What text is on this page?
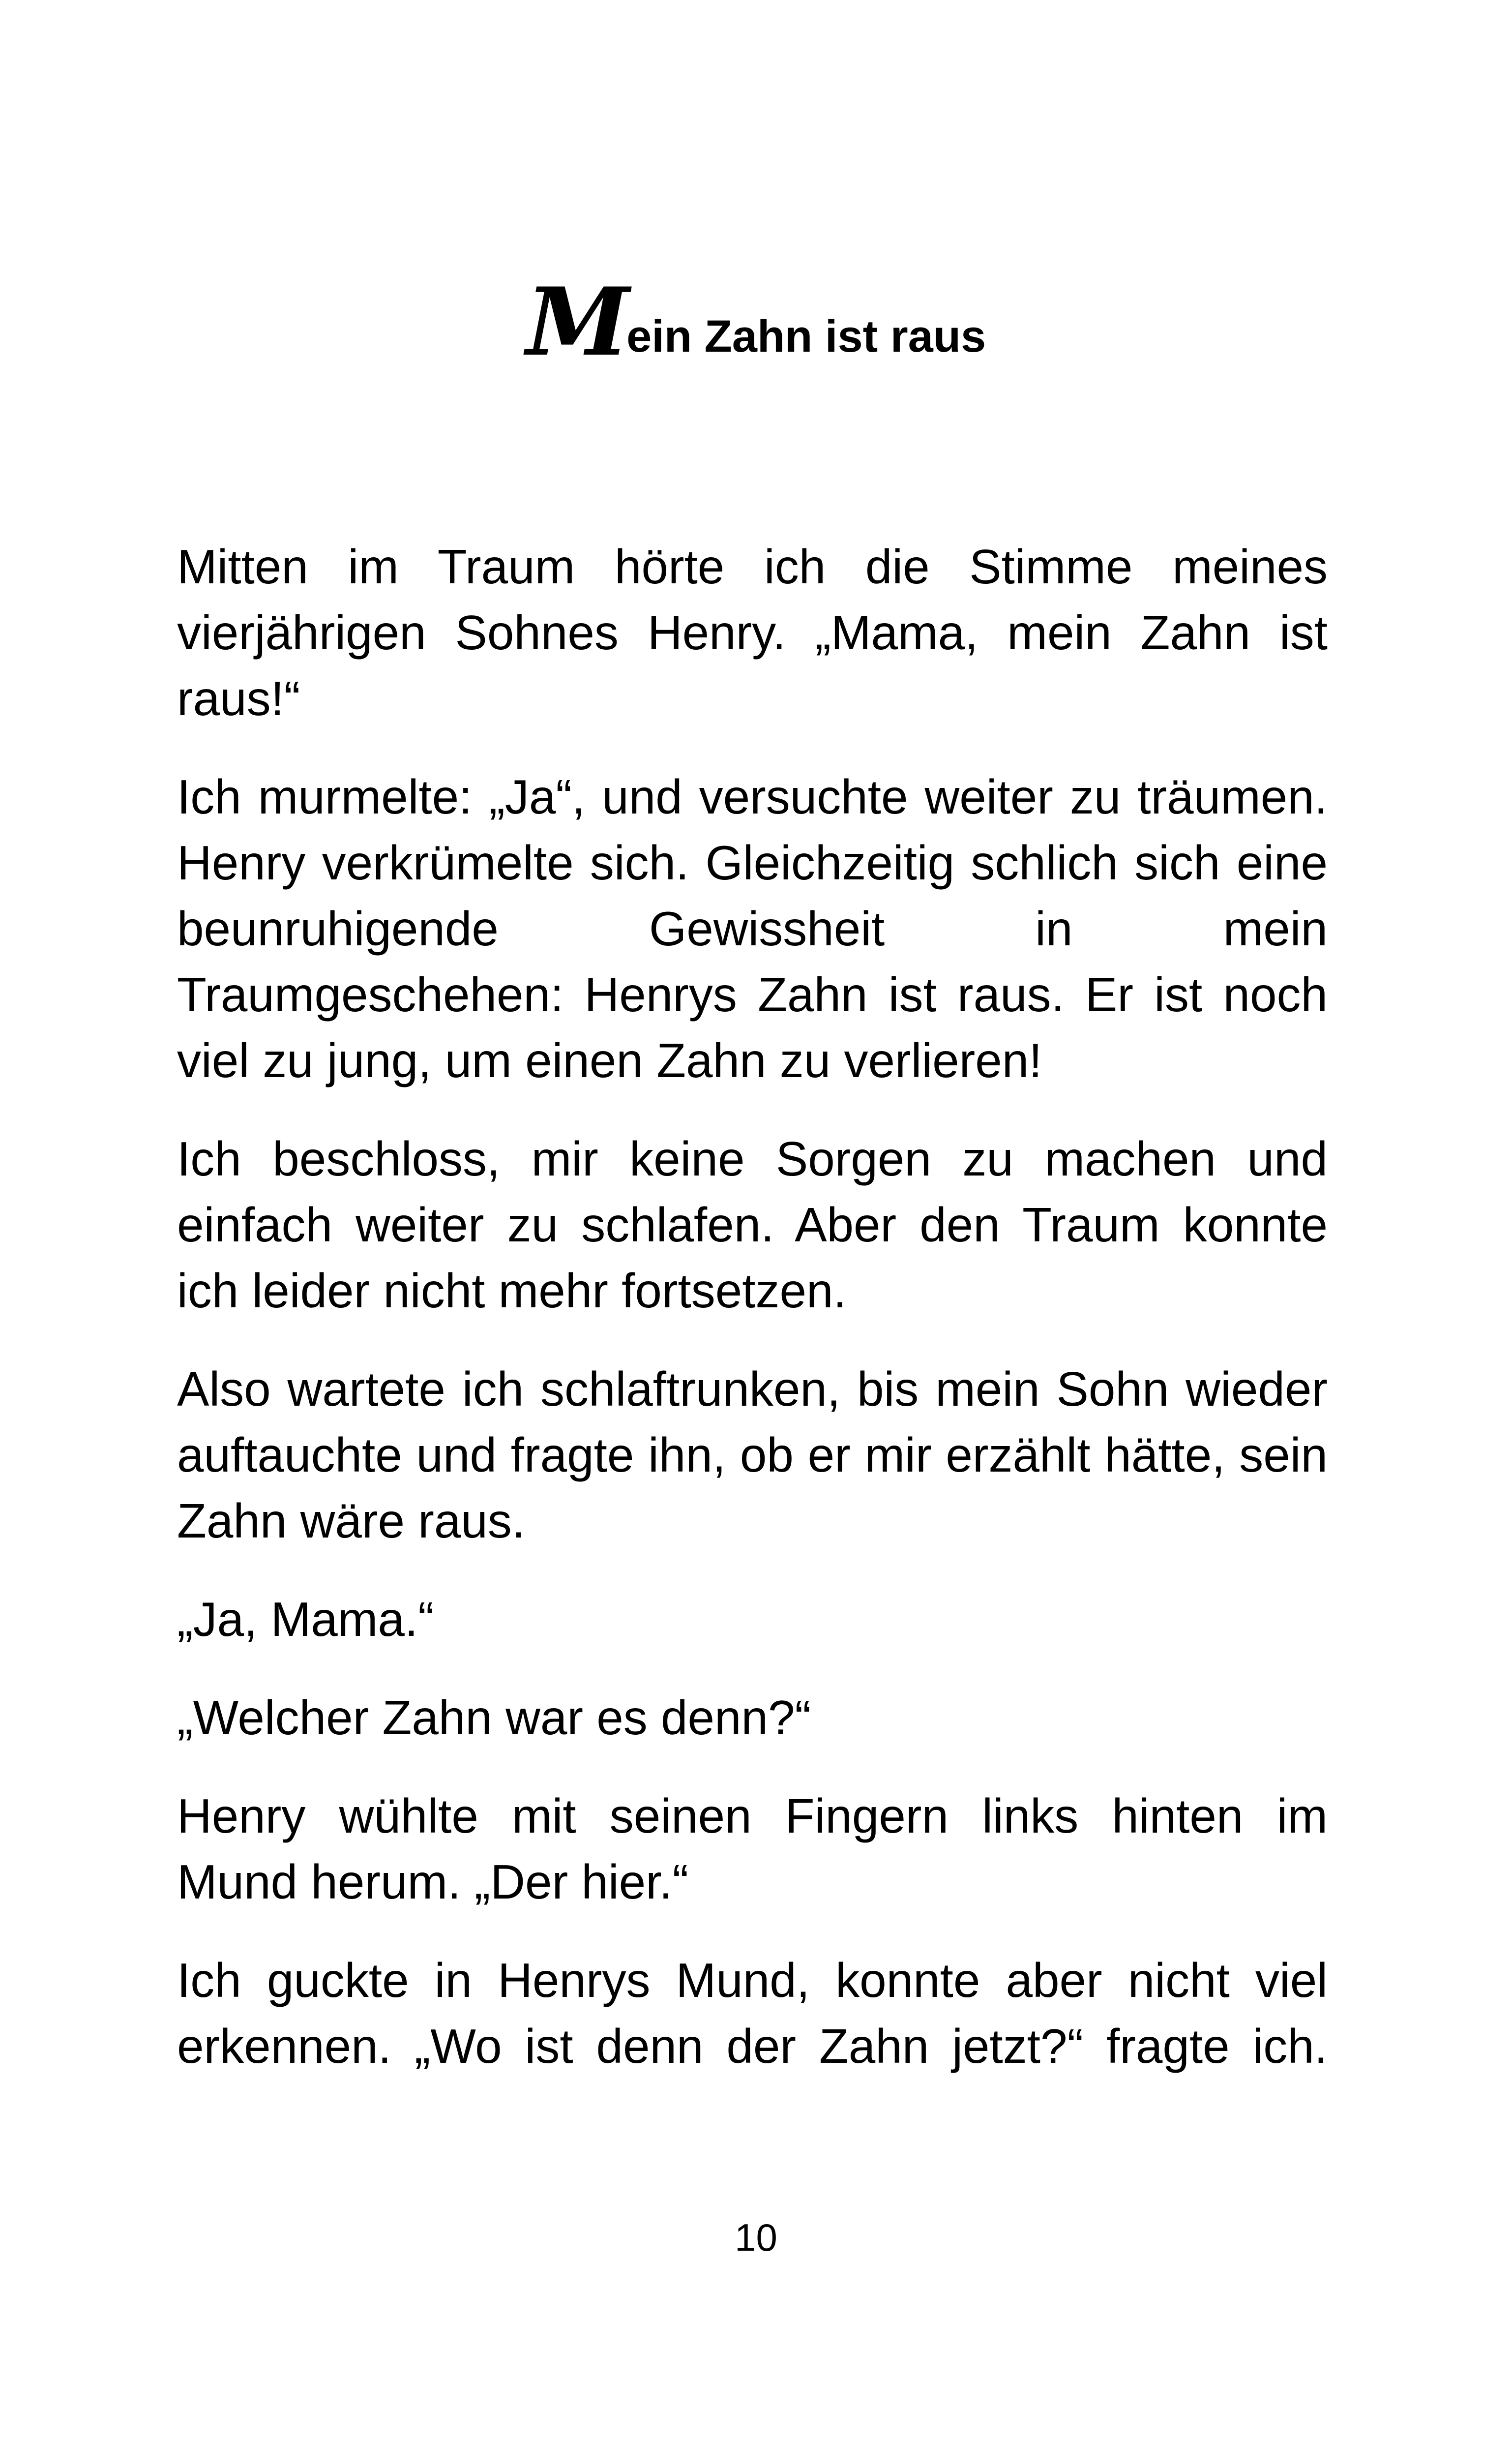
Mein Zahn ist raus

Mitten im Traum hörte ich die Stimme meines
vierjährigen Sohnes Henry. „Mama, mein Zahn ist
raus!“

Ich murmelte: „Ja“, und versuchte weiter zu träumen.
Henry verkrümelte sich. Gleichzeitig schlich sich eine
beunruhigende Gewissheit in mein
Traumgeschehen: Henrys Zahn ist raus. Er ist noch
viel zu jung, um einen Zahn zu verlieren!

Ich beschloss, mir keine Sorgen zu machen und
einfach weiter zu schlafen. Aber den Traum konnte
ich leider nicht mehr fortsetzen.

Also wartete ich schlaftrunken, bis mein Sohn wieder
auftauchte und fragte ihn, ob er mir erzählt hätte, sein
Zahn wäre raus.

„Ja, Mama.“

„Welcher Zahn war es denn?“

Henry wühlte mit seinen Fingern links hinten im
Mund herum. „Der hier.“

Ich guckte in Henrys Mund, konnte aber nicht viel
erkennen. „Wo ist denn der Zahn jetzt?“ fragte ich.

10
